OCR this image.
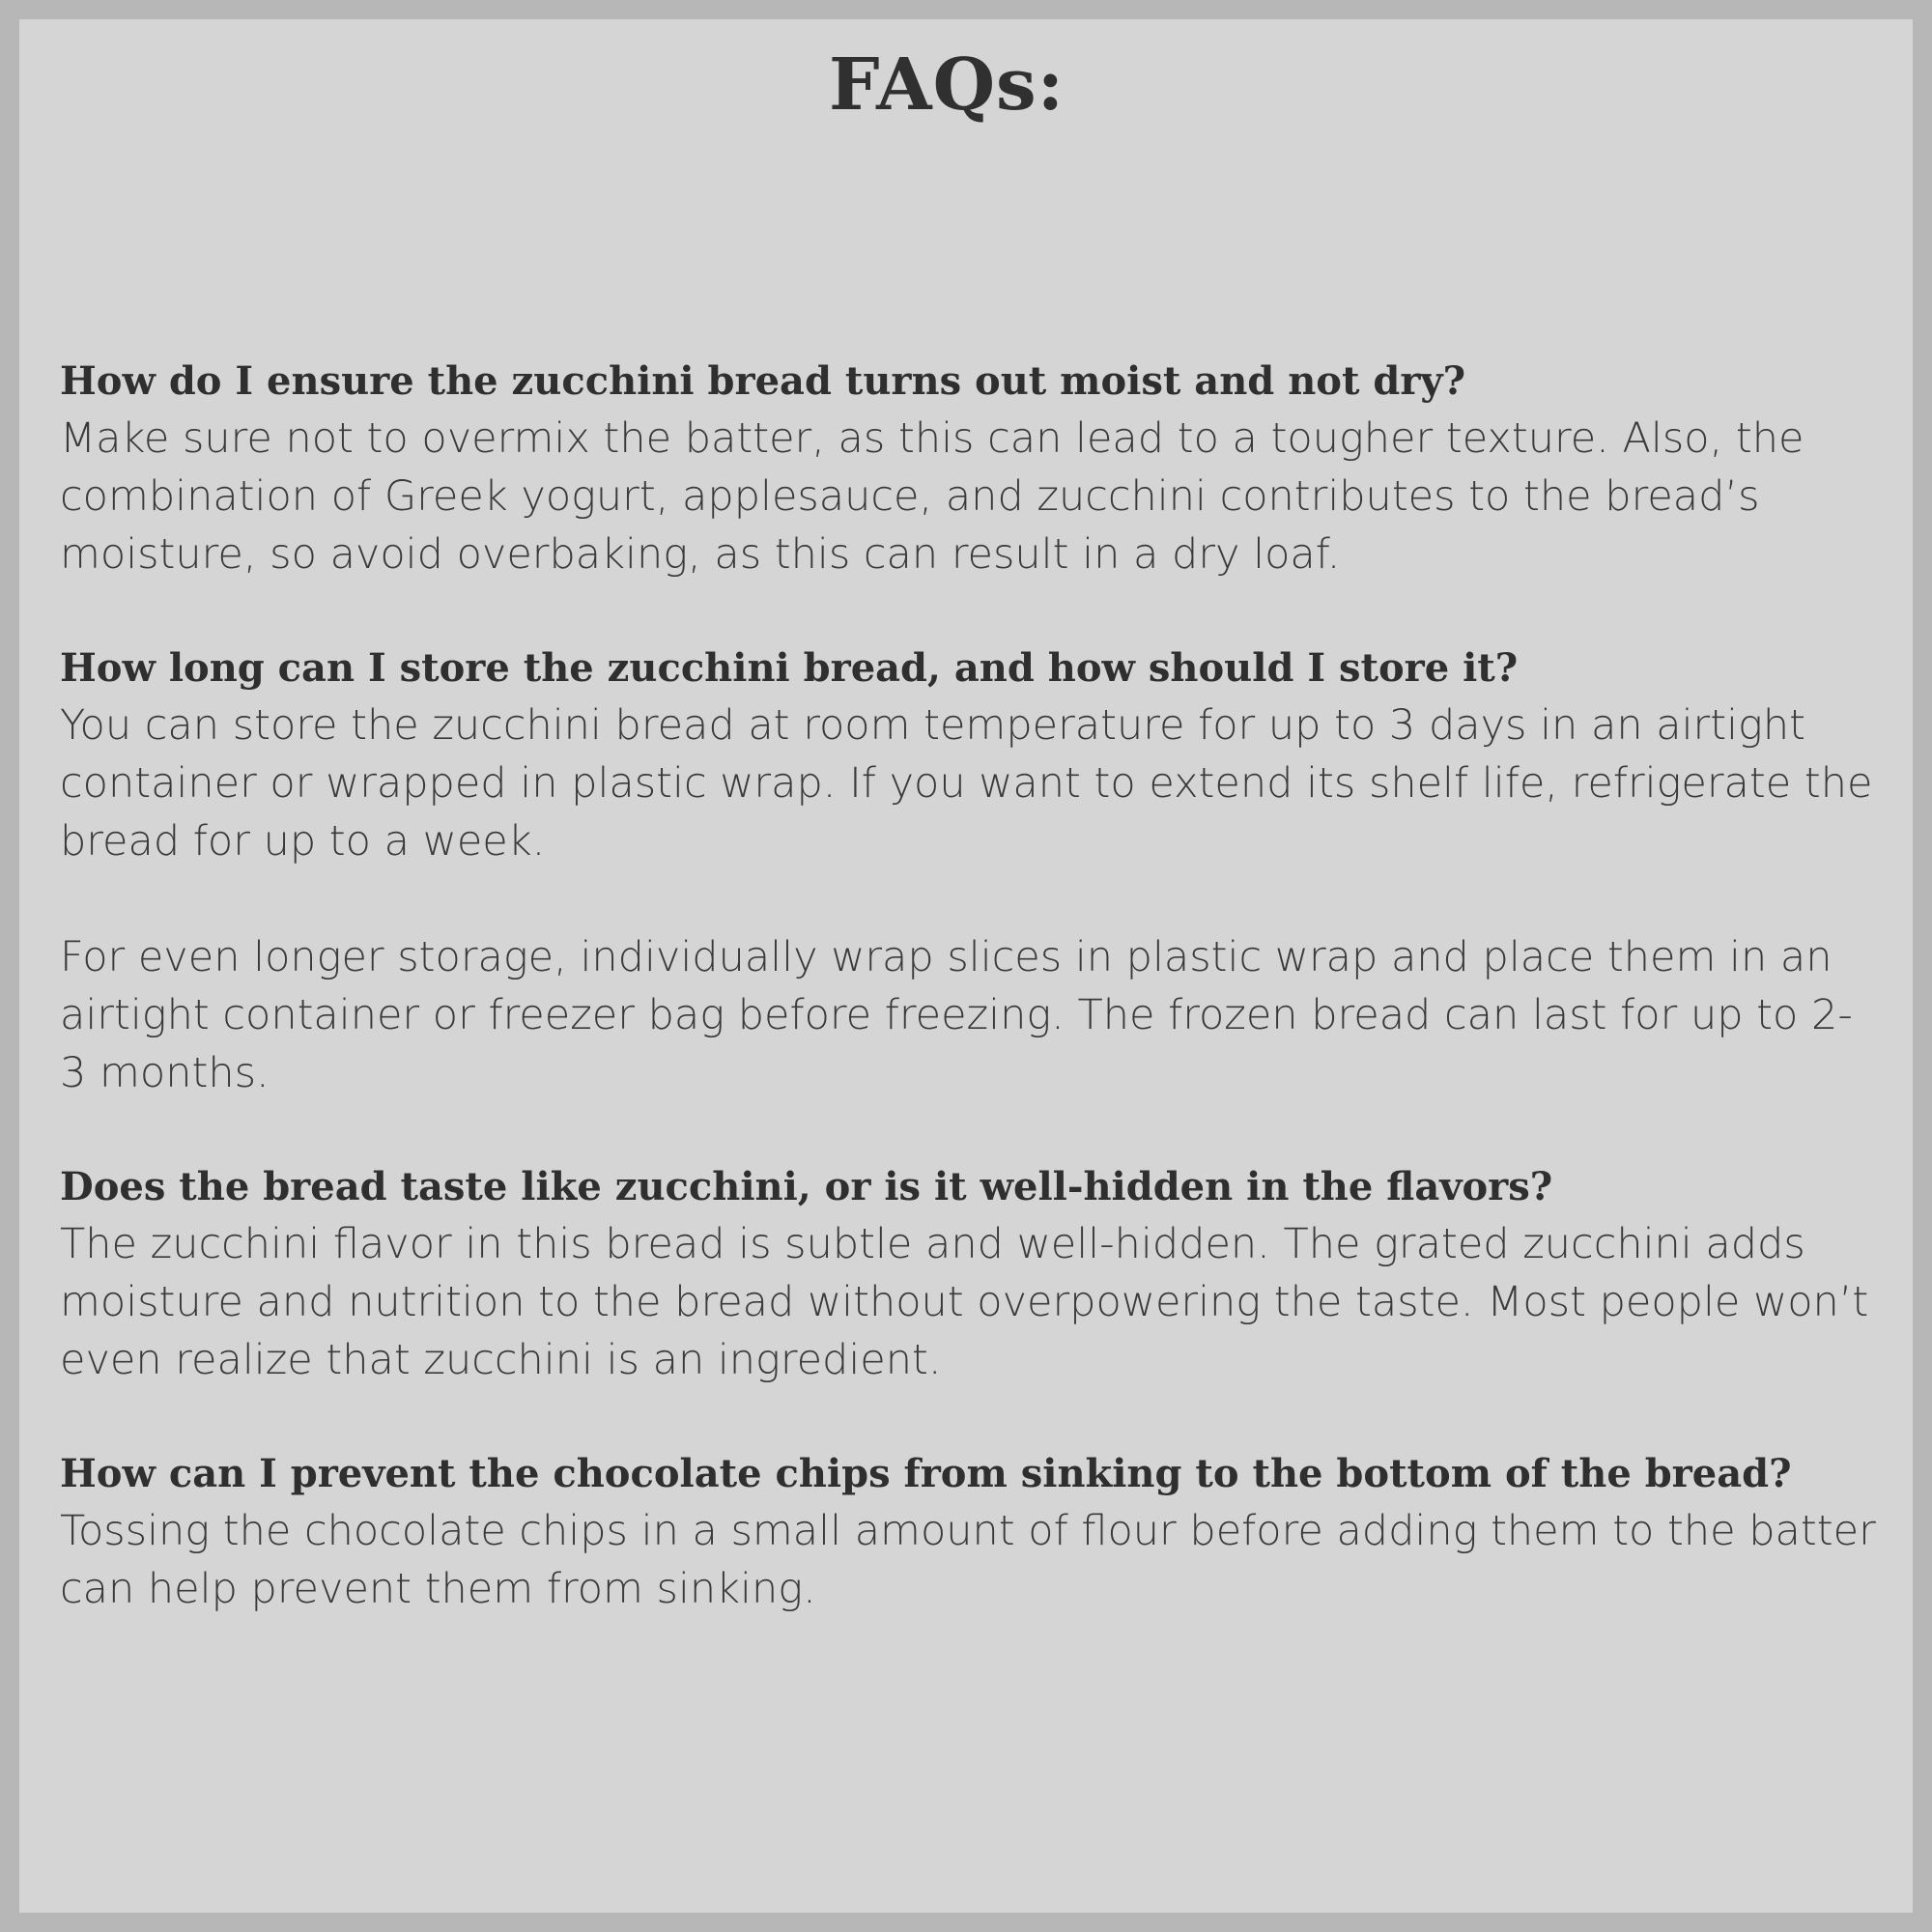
FAQs:
How do I ensure the zucchini bread turns out moist and not dry?

Make sure not to overmix the batter, as this can lead to a tougher texture. Also, the combination of Greek yogurt, applesauce, and zucchini contributes to the bread’s moisture, so avoid overbaking, as this can result in a dry loaf.

How long can I store the zucchini bread, and how should I store it?

You can store the zucchini bread at room temperature for up to 3 days in an airtight container or wrapped in plastic wrap. If you want to extend its shelf life, refrigerate the bread for up to a week.

For even longer storage, individually wrap slices in plastic wrap and place them in an airtight container or freezer bag before freezing. The frozen bread can last for up to 2-3 months.

Does the bread taste like zucchini, or is it well-hidden in the flavors?

The zucchini flavor in this bread is subtle and well-hidden. The grated zucchini adds moisture and nutrition to the bread without overpowering the taste. Most people won’t even realize that zucchini is an ingredient.

How can I prevent the chocolate chips from sinking to the bottom of the bread?

Tossing the chocolate chips in a small amount of flour before adding them to the batter can help prevent them from sinking.
